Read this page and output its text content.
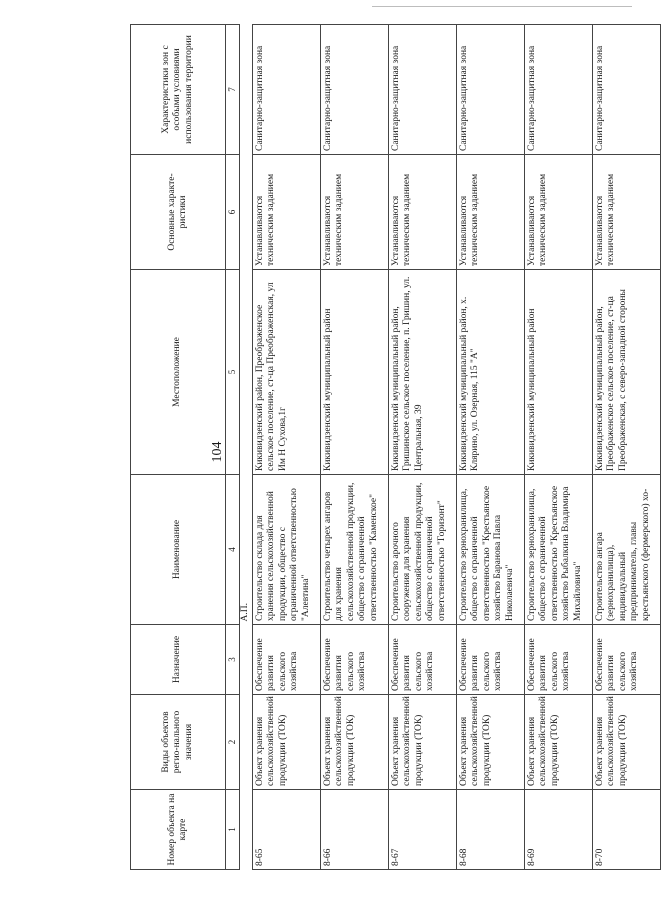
104
Номер объекта на карте	Виды объектов регио-нального значения	Назначение	Наименование	Местоположение	Основные характе-ристики	Характеристики зон с особыми условиями использования территории
1	2	3	4	5	6	7
			А.П.			
8-65	Объект хранения сельскохозяйственной продукции (ТОК)	Обеспечение развития сельского хозяйства	Строительство склада для хранения сельскохозяйственной продукции, общество с ограниченной ответственностью "Алевтина"	Кикивидзенский район, Преображенское сельское поселение, ст-ца Преображенская, ул Им Н Сухова,1г	Устанавливаются техническим заданием	Санитарно-защитная зона
8-66	Объект хранения сельскохозяйственной продукции (ТОК)	Обеспечение развития сельского хозяйства	Строительство четырех ангаров для хранения сельскохозяйственной продукции, общество с ограниченной ответственностью "Каменское"	Кикивидзенский муниципальный район	Устанавливаются техническим заданием	Санитарно-защитная зона
8-67	Объект хранения сельскохозяйственной продукции (ТОК)	Обеспечение развития сельского хозяйства	Строительство арочного сооружения для хранения сельскохозяйственной продукции, общество с ограниченной ответственностью "Горизонт"	Кикивидзенский муниципальный район, Гришинское сельское поселение, п. Гришин, ул. Центральная, 39	Устанавливаются техническим заданием	Санитарно-защитная зона
8-68	Объект хранения сельскохозяйственной продукции (ТОК)	Обеспечение развития сельского хозяйства	Строительство зернохранилища, общество с ограниченной ответственностью "Крестьянское хозяйство Баранова Павла Николаевича"	Кикивидзенский муниципальный район, х. Клярино, ул. Озерная, 115 "А"	Устанавливаются техническим заданием	Санитарно-защитная зона
8-69	Объект хранения сельскохозяйственной продукции (ТОК)	Обеспечение развития сельского хозяйства	Строительство зернохранилища, общество с ограниченной ответственностью "Крестьянское хозяйство Рыбалкина Владимира Михайловича"	Кикивидзенский муниципальный район	Устанавливаются техническим заданием	Санитарно-защитная зона
8-70	Объект хранения сельскохозяйственной продукции (ТОК)	Обеспечение развития сельского хозяйства	Строительство ангара (зернохранилища), индивидуальный предприниматель, главы крестьянского (фермерского) хо-	Кикивидзенский муниципальный район, Преображенское сельское поселение, ст-ца Преображенская, с северо-западной стороны	Устанавливаются техническим заданием	Санитарно-защитная зона
